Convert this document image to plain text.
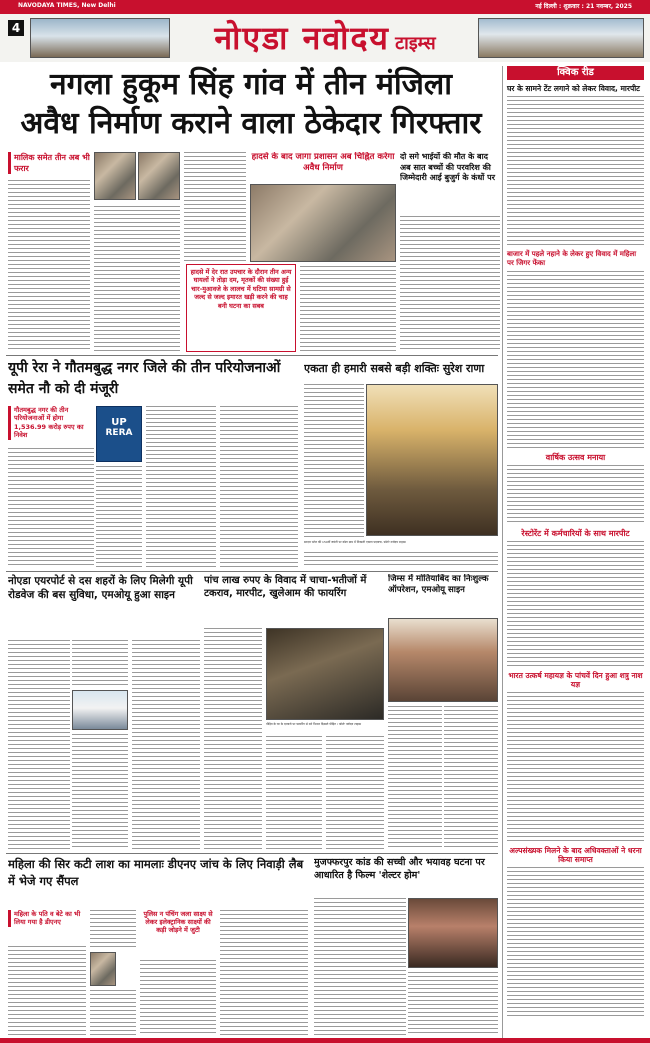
NAVODAYA TIMES, New Delhi	नई दिल्ली : शुक्रवार : 21 नवम्बर, 2025
4	नोएडा नवोदय टाइम्स
नगला हुकूम सिंह गांव में तीन मंजिला
अवैध निर्माण कराने वाला ठेकेदार गिरफ्तार
क्विक रीड
घर के सामने टेंट लगाने को लेकर विवाद, मारपीट
बाजार में पहले नहाने के लेकर हुए विवाद में महिला पर जिगर फेंका
वार्षिक उत्सव मनाया
रेस्टोरेंट में कर्मचारियों के साथ मारपीट
भारत उत्कर्ष महायज्ञ के पांचवें दिन हुआ शत्रु नाश यज्ञ
अल्पसंख्यक मिलने के बाद अधिवक्ताओं ने धरना किया समाप्त
मालिक समेत तीन अब भी फरार
हादसे के बाद जागा प्रशासन अब चिह्नित करेगा अवैध निर्माण
हादसे में देर रात उपचार के दौरान तीन अन्य घायलों ने तोड़ा दम, मृतकों की संख्या हुई चार-मुआवजे के लालच में घटिया सामग्री से जल्द से जल्द इमारत खड़ी करने की चाह बनी घटना का सबब
दो सगे भाईयों की मौत के बाद अब सात बच्चों की परवरिश की जिम्मेदारी आई बुजुर्ग के कंधों पर
यूपी रेरा ने गौतमबुद्ध नगर जिले की तीन परियोजनाओं समेत नौ को दी मंजूरी
गौतमबुद्ध नगर की तीन परियोजनाओं में होगा 1,536.99 करोड़ रुपए का निवेश
UP
RERA
एकता ही हमारी सबसे बड़ी शक्तिः सुरेश राणा
सरदार पटेल की 150वीं जयंती पर कोटा ग्राम में निकाली एकता पदयात्रा, फोटोः नवोदय टाइम्स
नोएडा एयरपोर्ट से दस शहरों के लिए मिलेगी यूपी रोडवेज की बस सुविधा, एमओयू हुआ साइन
पांच लाख रुपए के विवाद में चाचा-भतीजों में टकराव, मारपीट, खुलेआम की फायरिंग
पीड़ित के घर के दरवाजे पर फायरिंग से बने निशान दिखाते पीड़ित । फोटोः नवोदय टाइम्स
जिम्स में मोतियाबिंद का निःशुल्क ऑपरेशन, एमओयू साइन
महिला की सिर कटी लाश का मामलाः डीएनए जांच के लिए निवाड़ी लैब में भेजे गए सैंपल
महिला के पति व बेटे का भी लिया गया है डीएनए
पुलिस न पंचिंग जला साक्ष्य से लेकर इलेक्ट्रानिक साक्ष्यों की कड़ी जोड़ने में जुटी
मुजफ्फरपुर कांड की सच्ची और भयावह घटना पर आधारित है फिल्म 'शेल्टर होम'
